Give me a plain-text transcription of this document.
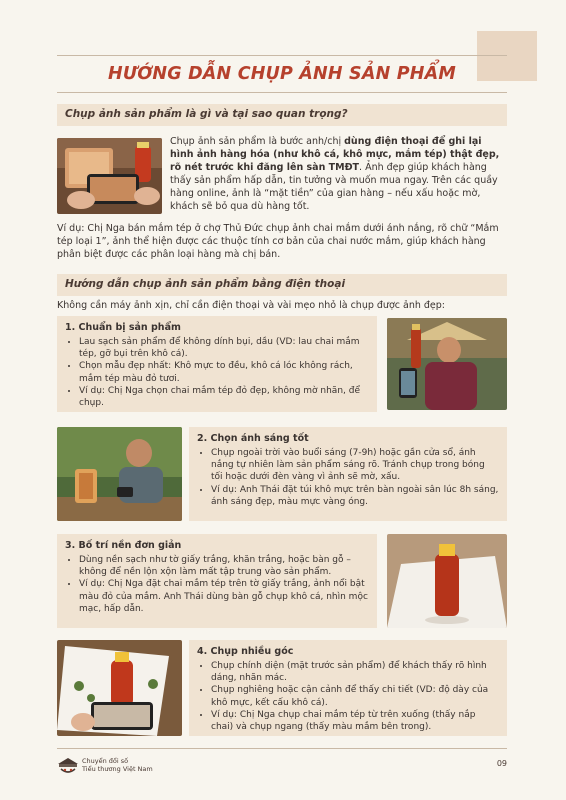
HƯỚNG DẪN CHỤP ẢNH SẢN PHẨM
Chụp ảnh sản phẩm là gì và tại sao quan trọng?

Chụp ảnh sản phẩm là bước anh/chị dùng điện thoại để ghi lại hình ảnh hàng hóa (như khô cá, khô mực, mắm tép) thật đẹp, rõ nét trước khi đăng lên sàn TMĐT. Ảnh đẹp giúp khách hàng thấy sản phẩm hấp dẫn, tin tưởng và muốn mua ngay. Trên các quầy hàng online, ảnh là “mặt tiền” của gian hàng – nếu xấu hoặc mờ, khách sẽ bỏ qua dù hàng tốt.

Ví dụ: Chị Nga bán mắm tép ở chợ Thủ Đức chụp ảnh chai mắm dưới ánh nắng, rõ chữ “Mắm tép loại 1”, ảnh thể hiện được các thuộc tính cơ bản của chai nước mắm, giúp khách hàng phân biệt được các phân loại hàng mà chị bán.

Hướng dẫn chụp ảnh sản phẩm bằng điện thoại

Không cần máy ảnh xịn, chỉ cần điện thoại và vài mẹo nhỏ là chụp được ảnh đẹp:

1. Chuẩn bị sản phẩm
• Lau sạch sản phẩm để không dính bụi, dầu (VD: lau chai mắm tép, gỡ bụi trên khô cá).
• Chọn mẫu đẹp nhất: Khô mực to đều, khô cá lóc không rách, mắm tép màu đỏ tươi.
• Ví dụ: Chị Nga chọn chai mắm tép đỏ đẹp, không mờ nhãn, để chụp.
2. Chọn ánh sáng tốt
• Chụp ngoài trời vào buổi sáng (7-9h) hoặc gần cửa sổ, ánh nắng tự nhiên làm sản phẩm sáng rõ. Tránh chụp trong bóng tối hoặc dưới đèn vàng vì ảnh sẽ mờ, xấu.
• Ví dụ: Anh Thái đặt túi khô mực trên bàn ngoài sân lúc 8h sáng, ánh sáng đẹp, màu mực vàng óng.
3. Bố trí nền đơn giản
• Dùng nền sạch như tờ giấy trắng, khăn trắng, hoặc bàn gỗ – không để nền lộn xộn làm mất tập trung vào sản phẩm.
• Ví dụ: Chị Nga đặt chai mắm tép trên tờ giấy trắng, ảnh nổi bật màu đỏ của mắm. Anh Thái dùng bàn gỗ chụp khô cá, nhìn mộc mạc, hấp dẫn.
4. Chụp nhiều góc
• Chụp chính diện (mặt trước sản phẩm) để khách thấy rõ hình dáng, nhãn mác.
• Chụp nghiêng hoặc cận cảnh để thấy chi tiết (VD: độ dày của khô mực, kết cấu khô cá).
• Ví dụ: Chị Nga chụp chai mắm tép từ trên xuống (thấy nắp chai) và chụp ngang (thấy màu mắm bên trong).
Chuyển đổi số
Tiểu thương Việt Nam
09
